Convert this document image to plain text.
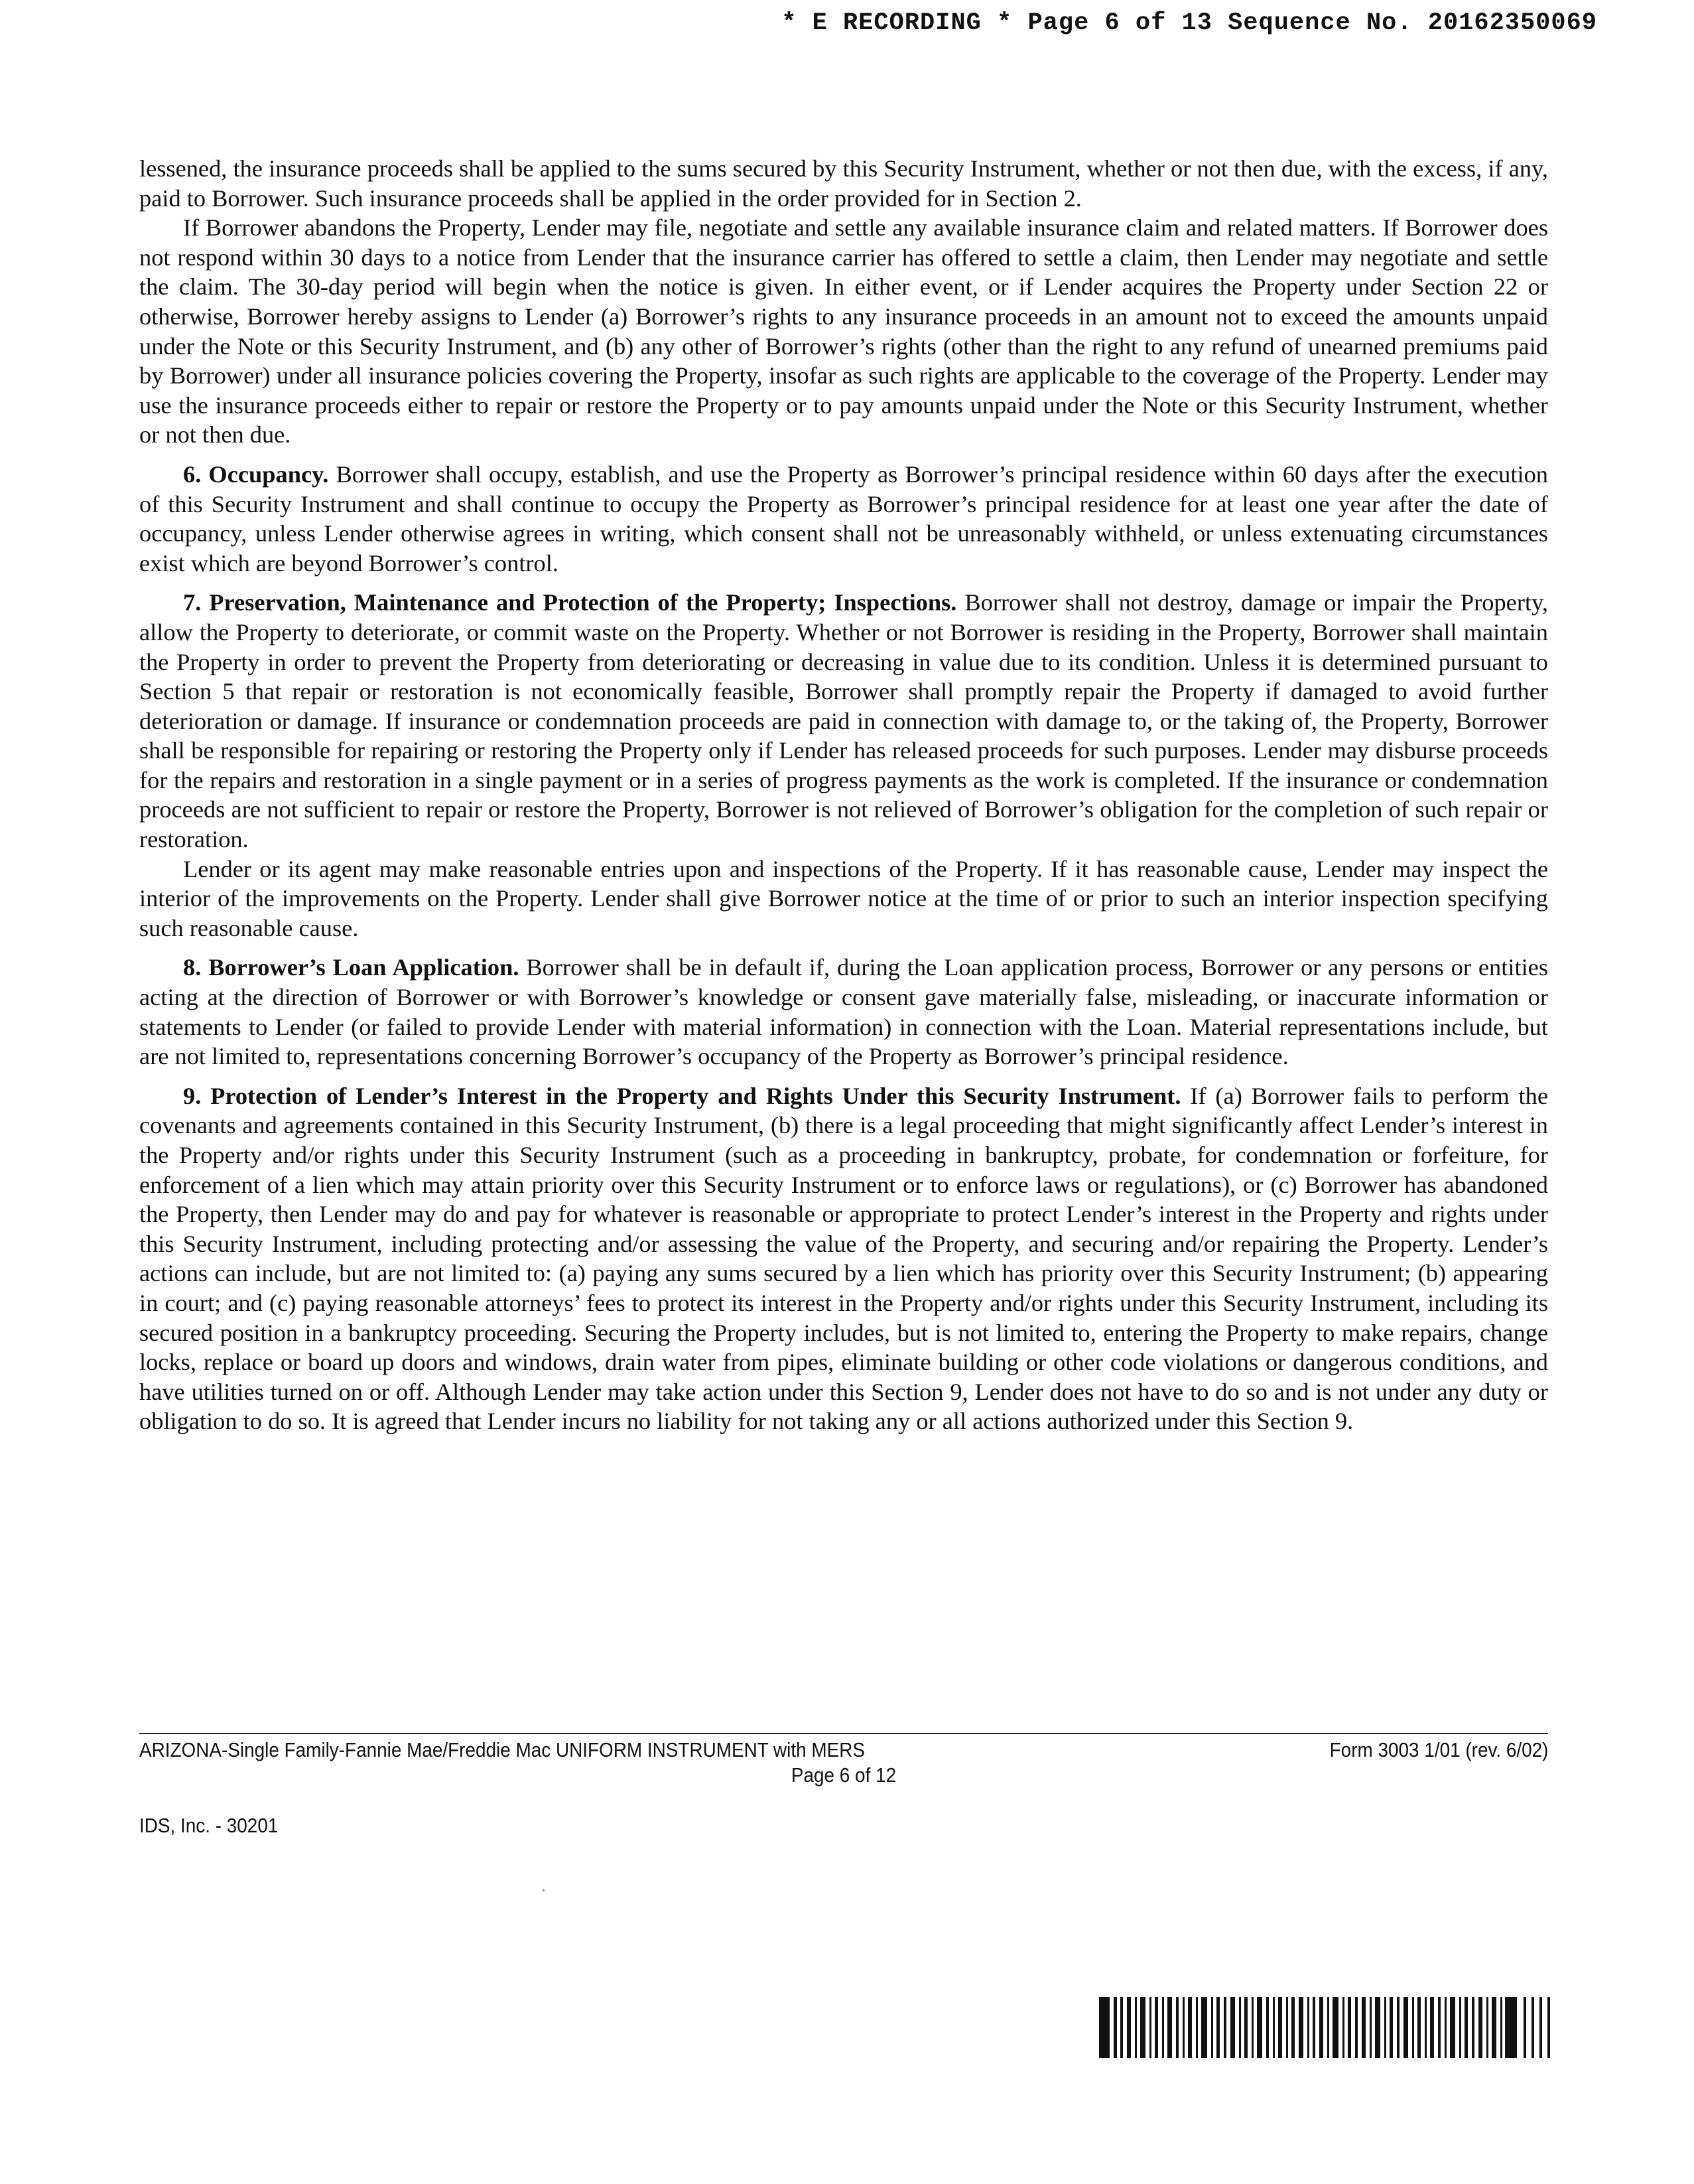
* E RECORDING * Page 6 of 13 Sequence No. 20162350069

lessened, the insurance proceeds shall be applied to the sums secured by this Security Instrument, whether or not then due, with the excess, if any, paid to Borrower. Such insurance proceeds shall be applied in the order provided for in Section 2.

If Borrower abandons the Property, Lender may file, negotiate and settle any available insurance claim and related matters. If Borrower does not respond within 30 days to a notice from Lender that the insurance carrier has offered to settle a claim, then Lender may negotiate and settle the claim. The 30-day period will begin when the notice is given. In either event, or if Lender acquires the Property under Section 22 or otherwise, Borrower hereby assigns to Lender (a) Borrower’s rights to any insurance proceeds in an amount not to exceed the amounts unpaid under the Note or this Security Instrument, and (b) any other of Borrower’s rights (other than the right to any refund of unearned premiums paid by Borrower) under all insurance policies covering the Property, insofar as such rights are applicable to the coverage of the Property. Lender may use the insurance proceeds either to repair or restore the Property or to pay amounts unpaid under the Note or this Security Instrument, whether or not then due.

6. Occupancy. Borrower shall occupy, establish, and use the Property as Borrower’s principal residence within 60 days after the execution of this Security Instrument and shall continue to occupy the Property as Borrower’s principal residence for at least one year after the date of occupancy, unless Lender otherwise agrees in writing, which consent shall not be unreasonably withheld, or unless extenuating circumstances exist which are beyond Borrower’s control.

7. Preservation, Maintenance and Protection of the Property; Inspections. Borrower shall not destroy, damage or impair the Property, allow the Property to deteriorate, or commit waste on the Property. Whether or not Borrower is residing in the Property, Borrower shall maintain the Property in order to prevent the Property from deteriorating or decreasing in value due to its condition. Unless it is determined pursuant to Section 5 that repair or restoration is not economically feasible, Borrower shall promptly repair the Property if damaged to avoid further deterioration or damage. If insurance or condemnation proceeds are paid in connection with damage to, or the taking of, the Property, Borrower shall be responsible for repairing or restoring the Property only if Lender has released proceeds for such purposes. Lender may disburse proceeds for the repairs and restoration in a single payment or in a series of progress payments as the work is completed. If the insurance or condemnation proceeds are not sufficient to repair or restore the Property, Borrower is not relieved of Borrower’s obligation for the completion of such repair or restoration.

Lender or its agent may make reasonable entries upon and inspections of the Property. If it has reasonable cause, Lender may inspect the interior of the improvements on the Property. Lender shall give Borrower notice at the time of or prior to such an interior inspection specifying such reasonable cause.

8. Borrower’s Loan Application. Borrower shall be in default if, during the Loan application process, Borrower or any persons or entities acting at the direction of Borrower or with Borrower’s knowledge or consent gave materially false, misleading, or inaccurate information or statements to Lender (or failed to provide Lender with material information) in connection with the Loan. Material representations include, but are not limited to, representations concerning Borrower’s occupancy of the Property as Borrower’s principal residence.

9. Protection of Lender’s Interest in the Property and Rights Under this Security Instrument. If (a) Borrower fails to perform the covenants and agreements contained in this Security Instrument, (b) there is a legal proceeding that might significantly affect Lender’s interest in the Property and/or rights under this Security Instrument (such as a proceeding in bankruptcy, probate, for condemnation or forfeiture, for enforcement of a lien which may attain priority over this Security Instrument or to enforce laws or regulations), or (c) Borrower has abandoned the Property, then Lender may do and pay for whatever is reasonable or appropriate to protect Lender’s interest in the Property and rights under this Security Instrument, including protecting and/or assessing the value of the Property, and securing and/or repairing the Property. Lender’s actions can include, but are not limited to: (a) paying any sums secured by a lien which has priority over this Security Instrument; (b) appearing in court; and (c) paying reasonable attorneys’ fees to protect its interest in the Property and/or rights under this Security Instrument, including its secured position in a bankruptcy proceeding. Securing the Property includes, but is not limited to, entering the Property to make repairs, change locks, replace or board up doors and windows, drain water from pipes, eliminate building or other code violations or dangerous conditions, and have utilities turned on or off. Although Lender may take action under this Section 9, Lender does not have to do so and is not under any duty or obligation to do so. It is agreed that Lender incurs no liability for not taking any or all actions authorized under this Section 9.

ARIZONA-Single Family-Fannie Mae/Freddie Mac UNIFORM INSTRUMENT with MERS	Form 3003 1/01 (rev. 6/02)
Page 6 of 12
IDS, Inc. - 30201
